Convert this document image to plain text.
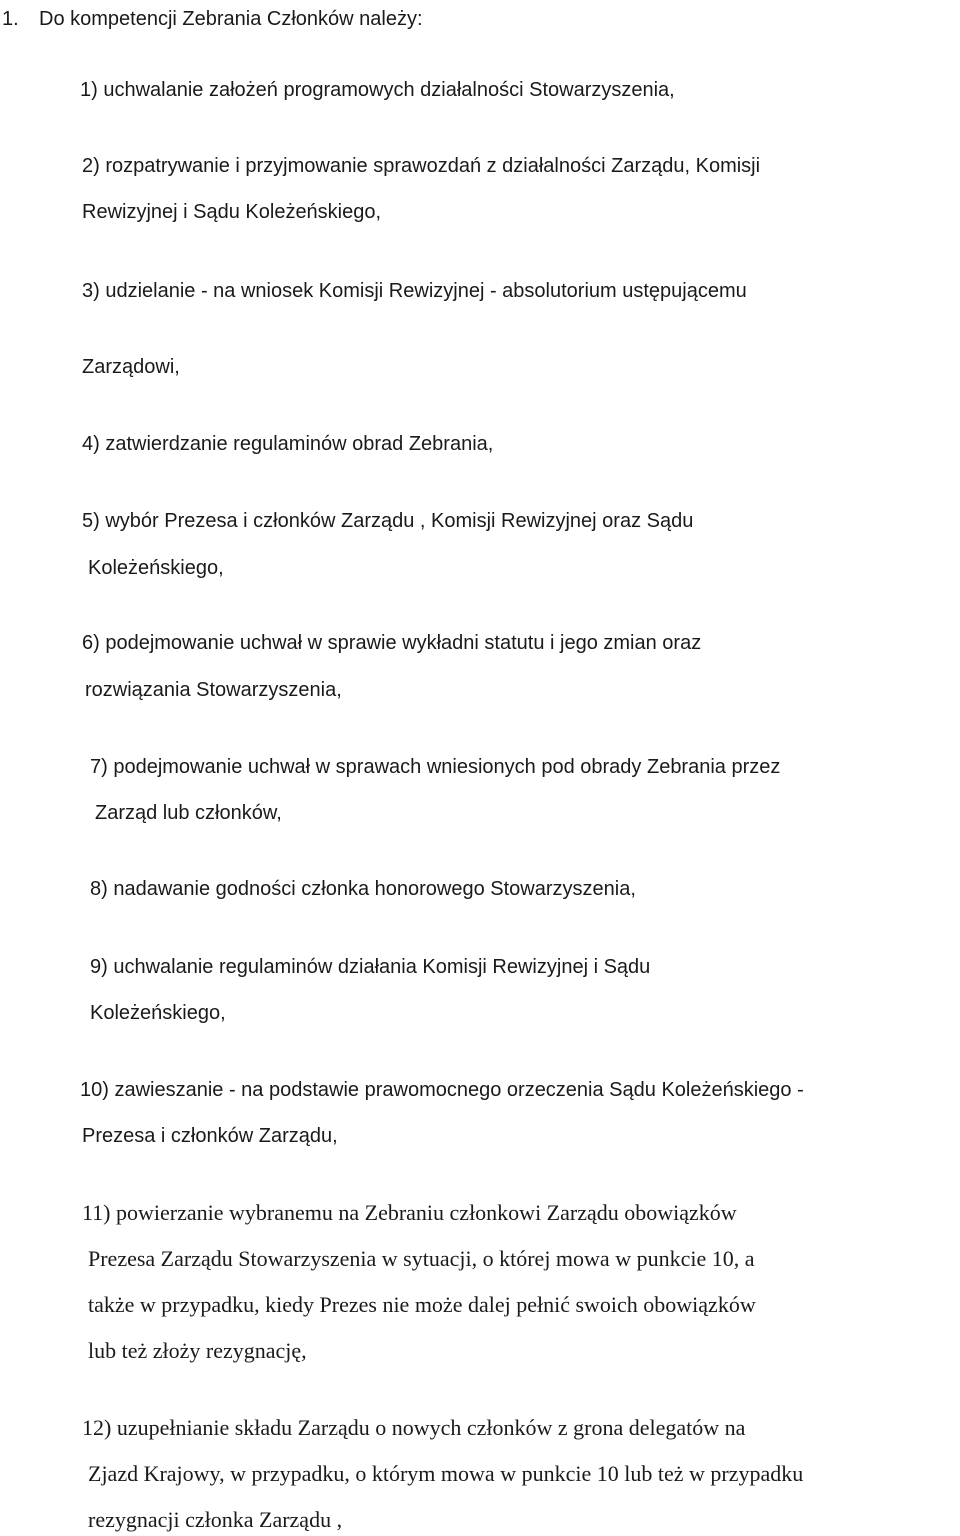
1. Do kompetencji Zebrania Członków należy:
1) uchwalanie założeń programowych działalności Stowarzyszenia,
2) rozpatrywanie i przyjmowanie sprawozdań z działalności Zarządu, Komisji
Rewizyjnej i Sądu Koleżeńskiego,
3) udzielanie - na wniosek Komisji Rewizyjnej - absolutorium ustępującemu
Zarządowi,
4) zatwierdzanie regulaminów obrad Zebrania,
5) wybór Prezesa i członków Zarządu , Komisji Rewizyjnej oraz Sądu
Koleżeńskiego,
6) podejmowanie uchwał w sprawie wykładni statutu i jego zmian oraz
rozwiązania Stowarzyszenia,
7) podejmowanie uchwał w sprawach wniesionych pod obrady Zebrania przez
Zarząd lub członków,
8) nadawanie godności członka honorowego Stowarzyszenia,
9) uchwalanie regulaminów działania Komisji Rewizyjnej i Sądu
Koleżeńskiego,
10) zawieszanie - na podstawie prawomocnego orzeczenia Sądu Koleżeńskiego -
Prezesa i członków Zarządu,
11) powierzanie wybranemu na Zebraniu członkowi Zarządu obowiązków
Prezesa Zarządu Stowarzyszenia w sytuacji, o której mowa w punkcie 10, a
także w przypadku, kiedy Prezes nie może dalej pełnić swoich obowiązków
lub też złoży rezygnację,
12) uzupełnianie składu Zarządu o nowych członków z grona delegatów na
Zjazd Krajowy, w przypadku, o którym mowa w punkcie 10 lub też w przypadku
rezygnacji członka Zarządu ,
